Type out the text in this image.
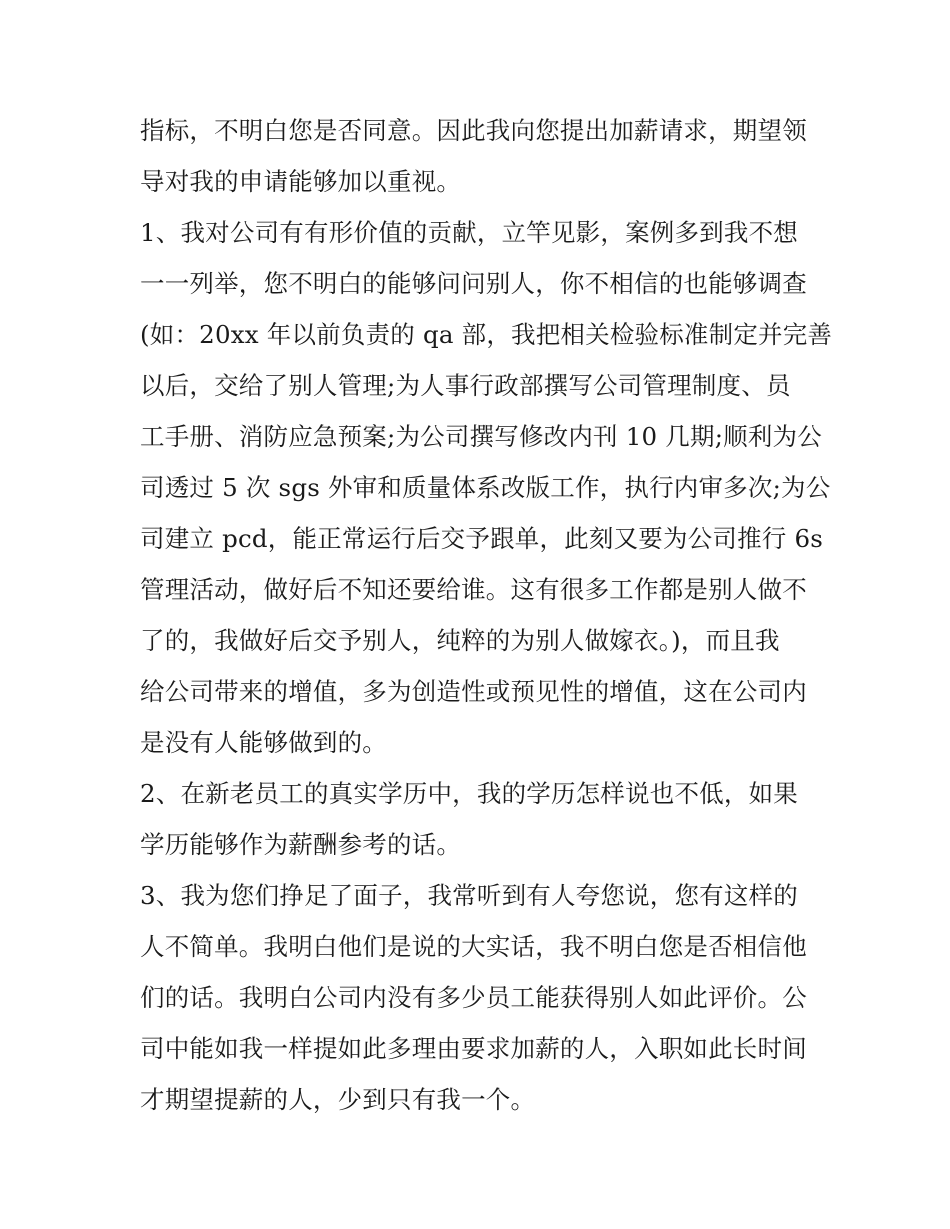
指标，不明白您是否同意。因此我向您提出加薪请求，期望领
导对我的申请能够加以重视。
1、我对公司有有形价值的贡献，立竿见影，案例多到我不想
一一列举，您不明白的能够问问别人，你不相信的也能够调查
(如：20xx 年以前负责的 qa 部，我把相关检验标准制定并完善
以后，交给了别人管理;为人事行政部撰写公司管理制度、员
工手册、消防应急预案;为公司撰写修改内刊 10 几期;顺利为公
司透过 5 次 sgs 外审和质量体系改版工作，执行内审多次;为公
司建立 pcd，能正常运行后交予跟单，此刻又要为公司推行 6s
管理活动，做好后不知还要给谁。这有很多工作都是别人做不
了的，我做好后交予别人，纯粹的为别人做嫁衣。)，而且我
给公司带来的增值，多为创造性或预见性的增值，这在公司内
是没有人能够做到的。
2、在新老员工的真实学历中，我的学历怎样说也不低，如果
学历能够作为薪酬参考的话。
3、我为您们挣足了面子，我常听到有人夸您说，您有这样的
人不简单。我明白他们是说的大实话，我不明白您是否相信他
们的话。我明白公司内没有多少员工能获得别人如此评价。公
司中能如我一样提如此多理由要求加薪的人，入职如此长时间
才期望提薪的人，少到只有我一个。
